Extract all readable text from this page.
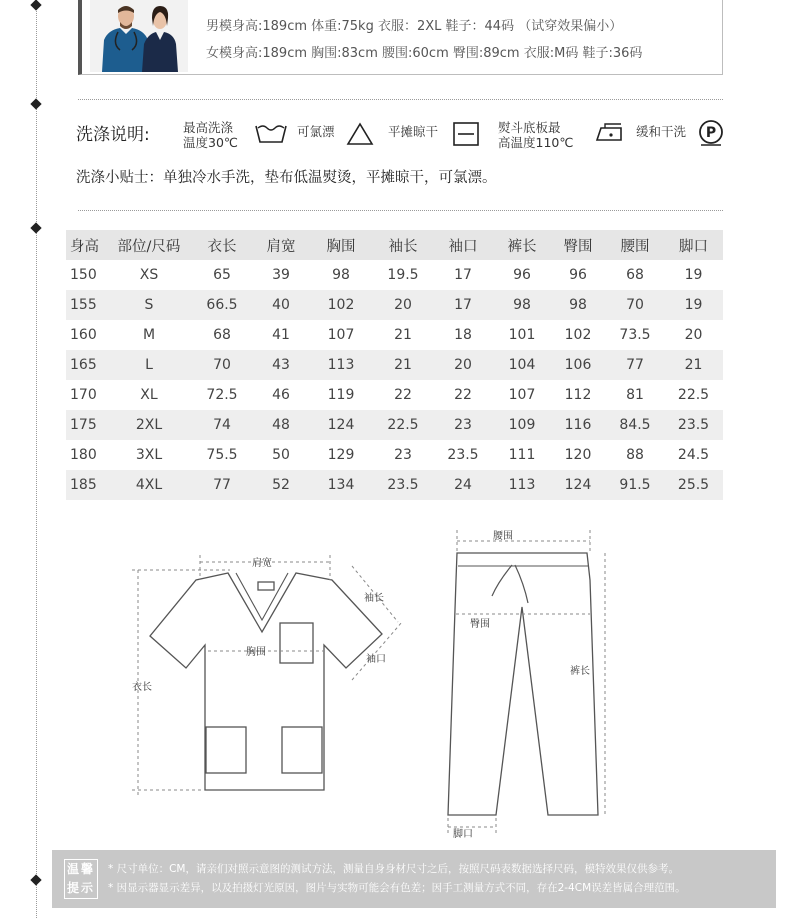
男模身高:189cm 体重:75kg 衣服：2XL 鞋子：44码 （试穿效果偏小）
女模身高:189cm 胸围:83cm 腰围:60cm 臀围:89cm 衣服:M码 鞋子:36码
洗涤说明:	最高洗涤
温度30℃
可氯漂	平摊晾干	熨斗底板最
高温度110℃
缓和干洗 P
洗涤小贴士：单独冷水手洗，垫布低温熨烫，平摊晾干，可氯漂。
身高	部位/尺码	衣长	肩宽	胸围	袖长	袖口	裤长	臀围	腰围	脚口
150	XS	65	39	98	19.5	17	96	96	68	19
155	S	66.5	40	102	20	17	98	98	70	19
160	M	68	41	107	21	18	101	102	73.5	20
165	L	70	43	113	21	20	104	106	77	21
170	XL	72.5	46	119	22	22	107	112	81	22.5
175	2XL	74	48	124	22.5	23	109	116	84.5	23.5
180	3XL	75.5	50	129	23	23.5	111	120	88	24.5
185	4XL	77	52	134	23.5	24	113	124	91.5	25.5
肩宽
袖长
胸围
袖口
衣长
腰围
臀围
裤长
脚口
温馨
提示
* 尺寸单位：CM，请亲们对照示意图的测试方法，测量自身身材尺寸之后，按照尺码表数据选择尺码，模特效果仅供参考。
* 因显示器显示差异，以及拍摄灯光原因，图片与实物可能会有色差；因手工测量方式不同，存在2-4CM误差皆属合理范围。
